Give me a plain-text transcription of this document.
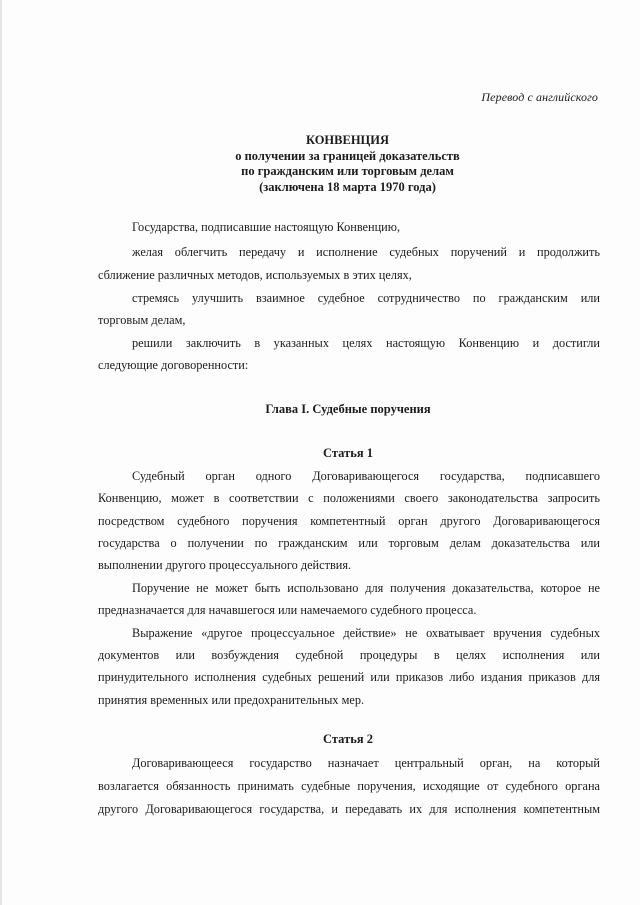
Перевод с английского
КОНВЕНЦИЯ
о получении за границей доказательств
по гражданским или торговым делам
(заключена 18 марта 1970 года)
Государства, подписавшие настоящую Конвенцию,
желая облегчить передачу и исполнение судебных поручений и продолжить
сближение различных методов, используемых в этих целях,
стремясь улучшить взаимное судебное сотрудничество по гражданским или
торговым делам,
решили заключить в указанных целях настоящую Конвенцию и достигли
следующие договоренности:
Глава I. Судебные поручения
Статья 1
Судебный орган одного Договаривающегося государства, подписавшего
Конвенцию, может в соответствии с положениями своего законодательства запросить
посредством судебного поручения компетентный орган другого Договаривающегося
государства о получении по гражданским или торговым делам доказательства или
выполнении другого процессуального действия.
Поручение не может быть использовано для получения доказательства, которое не
предназначается для начавшегося или намечаемого судебного процесса.
Выражение «другое процессуальное действие» не охватывает вручения судебных
документов или возбуждения судебной процедуры в целях исполнения или
принудительного исполнения судебных решений или приказов либо издания приказов для
принятия временных или предохранительных мер.
Статья 2
Договаривающееся государство назначает центральный орган, на который
возлагается обязанность принимать судебные поручения, исходящие от судебного органа
другого Договаривающегося государства, и передавать их для исполнения компетентным
